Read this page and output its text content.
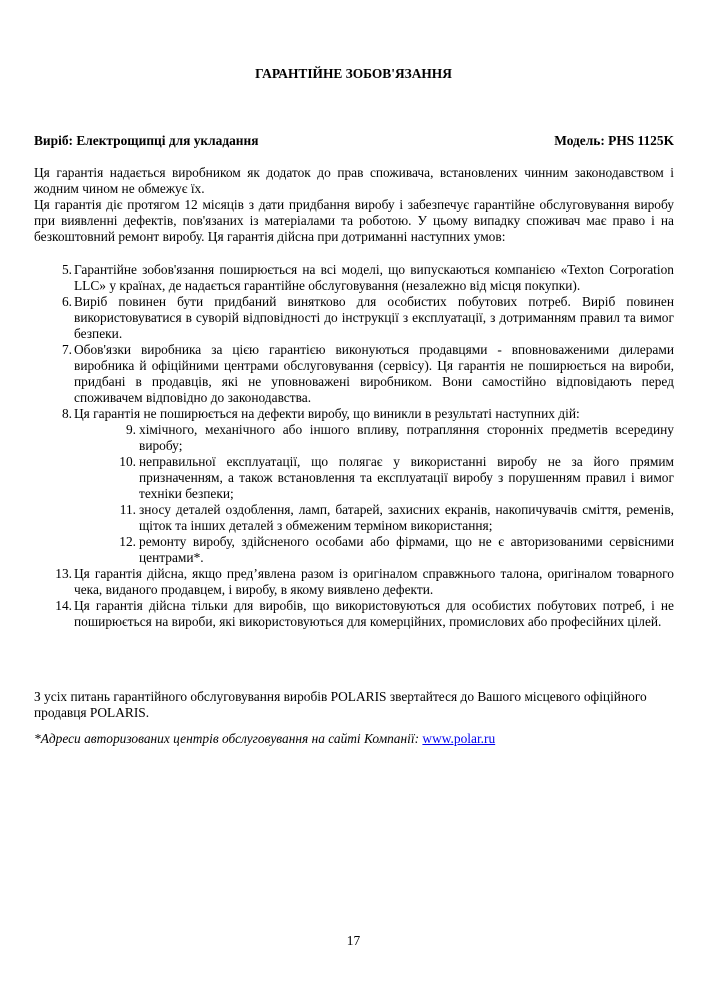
ГАРАНТІЙНЕ ЗОБОВ'ЯЗАННЯ
Виріб: Електрощипці для укладання	Модель: PHS 1125K

Ця гарантія надається виробником як додаток до прав споживача, встановлених чинним законодавством і жодним чином не обмежує їх.

Ця гарантія діє протягом 12 місяців з дати придбання виробу і забезпечує гарантійне обслуговування виробу при виявленні дефектів, пов'язаних із матеріалами та роботою. У цьому випадку споживач має право і на безкоштовний ремонт виробу. Ця гарантія дійсна при дотриманні наступних умов:

5. Гарантійне зобов'язання поширюється на всі моделі, що випускаються компанією «Texton Corporation LLC» у країнах, де надається гарантійне обслуговування (незалежно від місця покупки).
6. Виріб повинен бути придбаний винятково для особистих побутових потреб. Виріб повинен використовуватися в суворій відповідності до інструкції з експлуатації, з дотриманням правил та вимог безпеки.
7. Обов'язки виробника за цією гарантією виконуються продавцями - вповноваженими дилерами виробника й офіційними центрами обслуговування (сервісу). Ця гарантія не поширюється на вироби, придбані в продавців, які не уповноважені виробником. Вони самостійно відповідають перед споживачем відповідно до законодавства.
8. Ця гарантія не поширюється на дефекти виробу, що виникли в результаті наступних дій:
9. хімічного, механічного або іншого впливу, потрапляння сторонніх предметів всередину виробу;
10. неправильної експлуатації, що полягає у використанні виробу не за його прямим призначенням, а також встановлення та експлуатації виробу з порушенням правил і вимог техніки безпеки;
11. зносу деталей оздоблення, ламп, батарей, захисних екранів, накопичувачів сміття, ременів, щіток та інших деталей з обмеженим терміном використання;
12. ремонту виробу, здійсненого особами або фірмами, що не є авторизованими сервісними центрами*.
13. Ця гарантія дійсна, якщо пред’явлена разом із оригіналом справжнього талона, оригіналом товарного чека, виданого продавцем, і виробу, в якому виявлено дефекти.
14. Ця гарантія дійсна тільки для виробів, що використовуються для особистих побутових потреб, і не поширюється на вироби, які використовуються для комерційних, промислових або професійних цілей.

З усіх питань гарантійного обслуговування виробів POLARIS звертайтеся до Вашого місцевого офіційного продавця POLARIS.

*Адреси авторизованих центрів обслуговування на сайті Компанії: www.polar.ru
17
